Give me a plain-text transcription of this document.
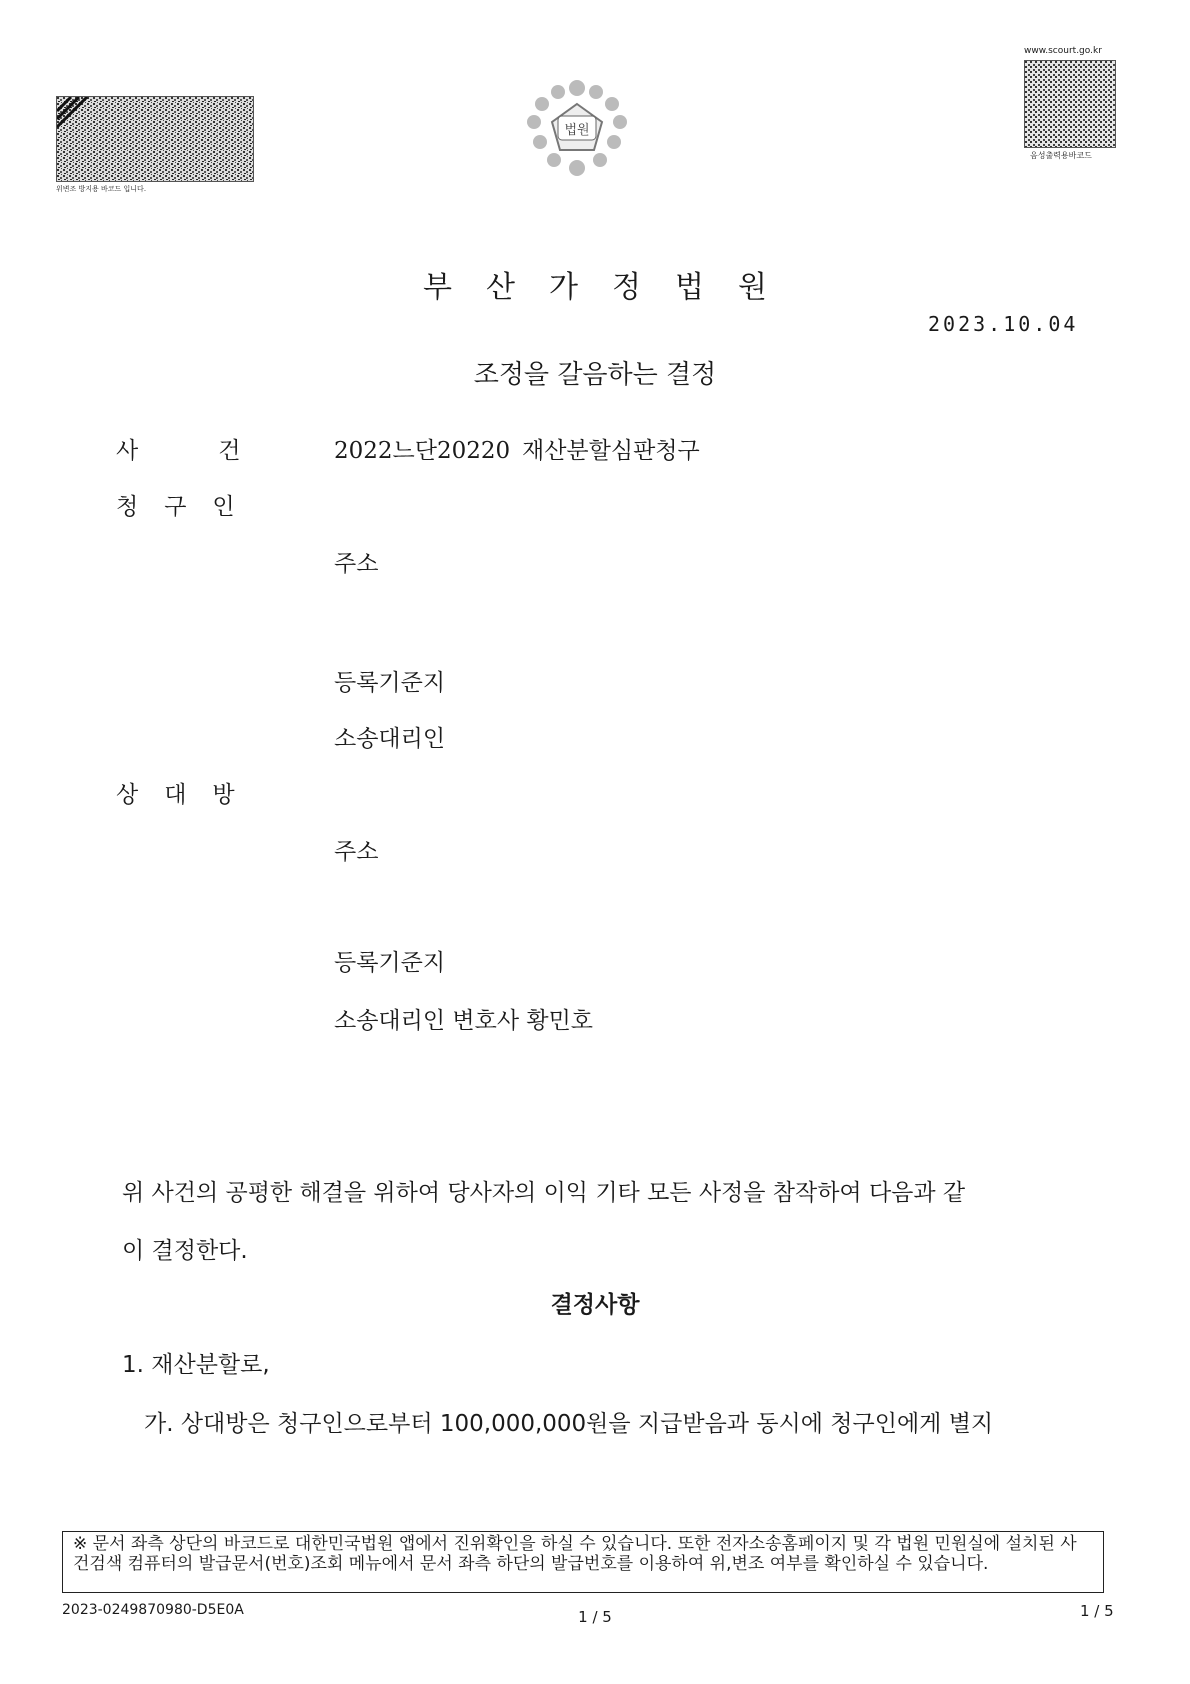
위변조 방지용 바코드 입니다.
법원
www.scourt.go.kr
음성출력용바코드
부산가정법원
2023.10.04
조정을 갈음하는 결정
사건 2022느단20220 재산분할심판청구
청구인
주소
등록기준지
소송대리인
상대방
주소
등록기준지
소송대리인 변호사 황민호
위 사건의 공평한 해결을 위하여 당사자의 이익 기타 모든 사정을 참작하여 다음과 같
이 결정한다.
결정사항
1. 재산분할로,
가. 상대방은 청구인으로부터 100,000,000원을 지급받음과 동시에 청구인에게 별지
※ 문서 좌측 상단의 바코드로 대한민국법원 앱에서 진위확인을 하실 수 있습니다. 또한 전자소송홈페이지 및 각 법원 민원실에 설치된 사건검색 컴퓨터의 발급문서(번호)조회 메뉴에서 문서 좌측 하단의 발급번호를 이용하여 위,변조 여부를 확인하실 수 있습니다.
2023-0249870980-D5E0A	1 / 5	1 / 5
